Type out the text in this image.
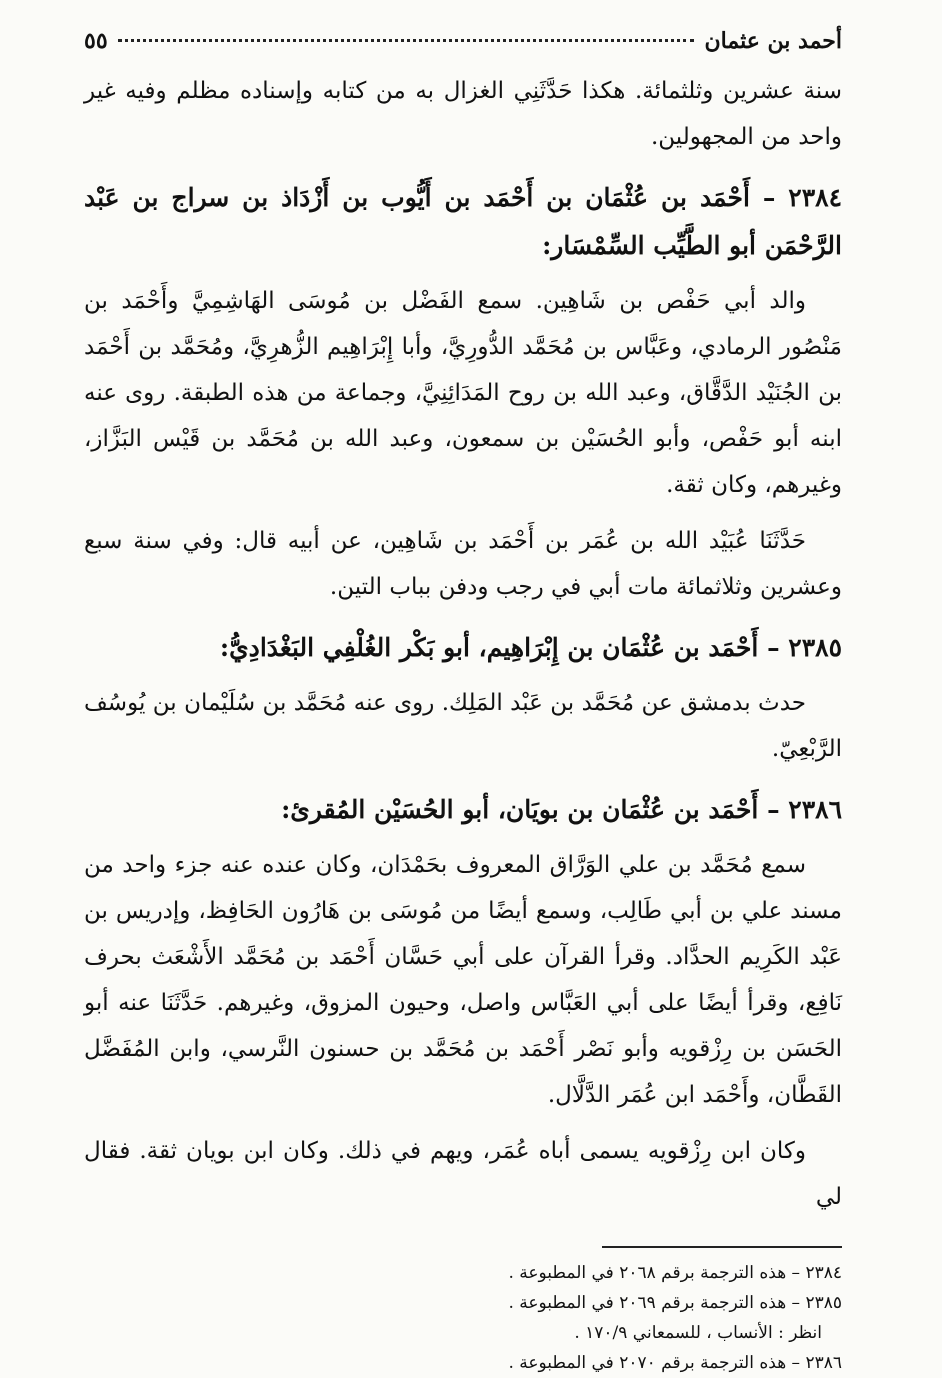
أحمد بن عثمان
٥٥

سنة عشرين وثلثمائة. هكذا حَدَّثَنِي الغزال به من كتابه وإسناده مظلم وفيه غير واحد من المجهولين.

٢٣٨٤ – أَحْمَد بن عُثْمَان بن أَحْمَد بن أَيُّوب بن أَزْدَاذ بن سراج بن عَبْد الرَّحْمَن أبو الطَّيِّب السِّمْسَار:

والد أبي حَفْص بن شَاهِين. سمع الفَضْل بن مُوسَى الهَاشِمِيَّ وأَحْمَد بن مَنْصُور الرمادي، وعَبَّاس بن مُحَمَّد الدُّورِيَّ، وأبا إِبْرَاهِيم الزُّهرِيَّ، ومُحَمَّد بن أَحْمَد بن الجُنَيْد الدَّقَّاق، وعبد الله بن روح المَدَائِنِيَّ، وجماعة من هذه الطبقة. روى عنه ابنه أبو حَفْص، وأبو الحُسَيْن بن سمعون، وعبد الله بن مُحَمَّد بن قَيْس البَزَّاز، وغيرهم، وكان ثقة.

حَدَّثَنَا عُبَيْد الله بن عُمَر بن أَحْمَد بن شَاهِين، عن أبيه قال: وفي سنة سبع وعشرين وثلاثمائة مات أبي في رجب ودفن بباب التين.

٢٣٨٥ – أَحْمَد بن عُثْمَان بن إِبْرَاهِيم، أبو بَكْر الغُلْفِي البَغْدَادِيُّ:

حدث بدمشق عن مُحَمَّد بن عَبْد المَلِك. روى عنه مُحَمَّد بن سُلَيْمان بن يُوسُف الرَّبْعِيّ.

٢٣٨٦ – أَحْمَد بن عُثْمَان بن بويَان، أبو الحُسَيْن المُقرئ:

سمع مُحَمَّد بن علي الوَرَّاق المعروف بحَمْدَان، وكان عنده عنه جزء واحد من مسند علي بن أبي طَالِب، وسمع أيضًا من مُوسَى بن هَارُون الحَافِظ، وإدريس بن عَبْد الكَرِيم الحدَّاد. وقرأ القرآن على أبي حَسَّان أَحْمَد بن مُحَمَّد الأَشْعَث بحرف نَافِع، وقرأ أيضًا على أبي العَبَّاس واصل، وحيون المزوق، وغيرهم. حَدَّثَنَا عنه أبو الحَسَن بن رِزْقويه وأبو نَصْر أَحْمَد بن مُحَمَّد بن حسنون النَّرسي، وابن المُفَضَّل القَطَّان، وأَحْمَد ابن عُمَر الدَّلَّال.

وكان ابن رِزْقويه يسمى أباه عُمَر، ويهم في ذلك. وكان ابن بويان ثقة. فقال لي

٢٣٨٤ – هذه الترجمة برقم ٢٠٦٨ في المطبوعة .

٢٣٨٥ – هذه الترجمة برقم ٢٠٦٩ في المطبوعة .

انظر : الأنساب ، للسمعاني ١٧٠/٩ .

٢٣٨٦ – هذه الترجمة برقم ٢٠٧٠ في المطبوعة .
